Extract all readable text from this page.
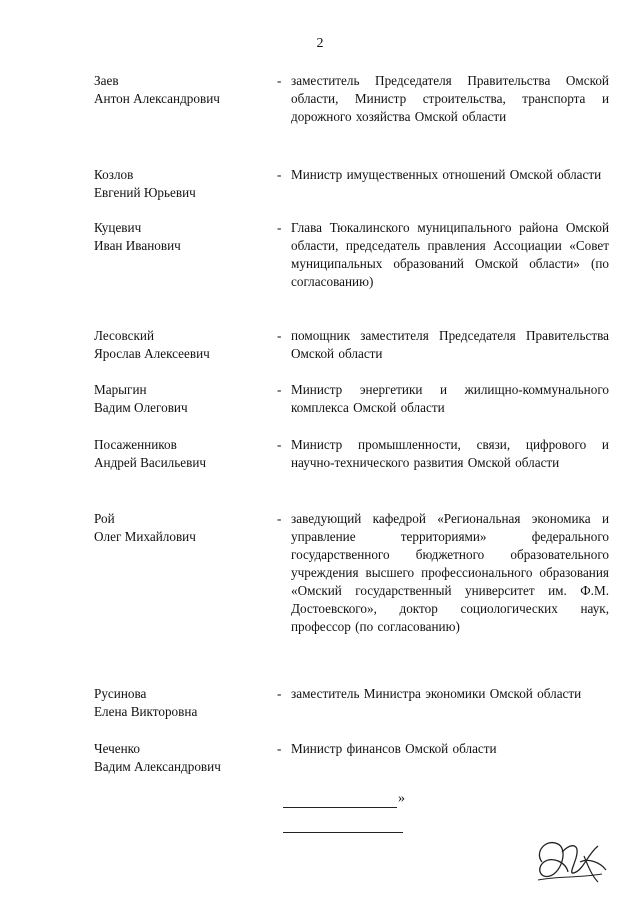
2
Заев
Антон Александрович
- заместитель Председателя Правительства Омской области, Министр строительства, транспорта и дорожного хозяйства Омской области
Козлов
Евгений Юрьевич
- Министр имущественных отношений Омской области
Куцевич
Иван Иванович
- Глава Тюкалинского муниципального района Омской области, председатель правления Ассоциации «Совет муниципальных образований Омской области» (по согласованию)
Лесовский
Ярослав Алексеевич
- помощник заместителя Председателя Правительства Омской области
Марыгин
Вадим Олегович
- Министр энергетики и жилищно-коммунального комплекса Омской области
Посаженников
Андрей Васильевич
- Министр промышленности, связи, цифрового и научно-технического развития Омской области
Рой
Олег Михайлович
- заведующий кафедрой «Региональная экономика и управление территориями» федерального государственного бюджетного образовательного учреждения высшего профессионального образования «Омский государственный университет им. Ф.М. Достоевского», доктор социологических наук, профессор (по согласованию)
Русинова
Елена Викторовна
- заместитель Министра экономики Омской области
Чеченко
Вадим Александрович
- Министр финансов Омской области
»
